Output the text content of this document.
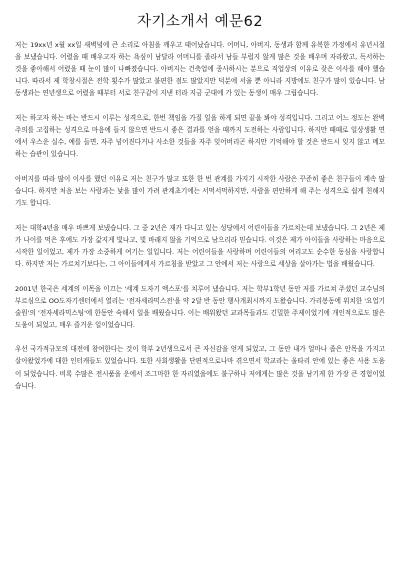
자기소개서 예문62

저는 19xx년 x월 xx일 새벽녘에 큰 소리로 아침을 깨우고 태어났습니다. 어머니, 아버지, 동생과 함께 유복한 가정에서 유년시절을 보냈습니다. 어렸을 때 배우고자 하는 욕심이 남달라 어머니를 졸라서 남들 부럽지 않게 많은 것을 배우며 자라왔고, 독서하는 것을 좋아해서 어렸을 때 눈이 많이 나빠졌습니다. 아버지는 건축업에 종사하시는 분으로 직업상의 이유로 잦은 이사를 해야 했습니다. 따라서 제 학창시절은 전학 횟수가 많았고 불편한 점도 많았지만 덕분에 서울 뿐 아니라 지방에도 친구가 많이 있습니다. 남동생과는 연년생으로 어렸을 때부터 서로 친구같이 지낸 터라 지금 군대에 가 있는 동생이 매우 그립습니다.

저는 하고자 하는 바는 반드시 이루는 성격으로, 한번 책임을 가질 일을 하게 되면 끝을 봐야 성격입니다. 그리고 어느 정도는 완벽주의를 고집하는 성격으로 마음에 들지 않으면 반드시 좋은 결과를 얻을 때까지 도전하는 사람입니다. 하지만 때때로 일상생활 면에서 우스운 실수, 예를 들면, 자주 넘어진다거나 사소한 것들을 자주 잊어버리곤 하지만 기억해야 할 것은 반드시 잊지 않고 메모하는 습관이 있습니다.

아버지를 따라 많이 이사를 했던 이유로 저는 친구가 많고 또한 한 번 관계를 가지기 시작한 사람은 꾸준히 좋은 친구들이 계속 많습니다. 하지만 처음 보는 사람과는 낯을 많이 가려 관계초기에는 서먹서먹하지만, 사람을 편안하게 해 주는 성격으로 쉽게 친해지기도 합니다.

저는 대학4년을 매우 바쁘게 보냈습니다. 그 중 2년은 재가 다니고 있는 성당에서 어린이들을 가르치는데 보냈습니다. 그 2년은 제가 나이를 먹은 후에도 가장 값지게 빛나고, 빛 바래지 않을 기억으로 남으리라 믿습니다. 이것은 제가 아이들을 사랑하는 마음으로 시작한 일이었고, 제가 가장 소중하게 여기는 일입니다. 저는 어린이들을 사랑하며 어린이들의 여리고도 순수한 동심을 사랑합니다. 하지만 저는 가르치기보다는, 그 아이들에게서 가르침을 받았고 그 안에서 저는 사랑으로 세상을 살아가는 법을 배웠습니다.

2001년 한국은 세계의 이목을 이끄는 '세계 도자기 엑스포'를 치루어 냈습니다. 저는 학부1학년 동안 저를 가르쳐 주셨던 교수님의 부르심으로 OO도자기센터에서 열리는 '전자세라믹스전'을 약 2달 반 동안 행사개최시까지 도왔습니다. 가리봉동에 위치한 '요업기술원'의 '전자세라믹스팀'에 한동안 숙해서 일을 배웠습니다. 이는 배워왔던 교과목들과도 긴밀한 주제이었기에 개인적으로도 많은 도움이 되었고, 매우 즐거운 일이었습니다.

우선 국가적규모의 대전에 참여한다는 것이 학부 2년생으로서 큰 자신감을 얻게 되었고, 그 동안 내가 얼마나 좁은 안목을 가지고 살아왔었가에 대한 인터캐들도 있었습니다. 또한 사회생활을 단편적으로나마 겪으면서 학교라는 울타리 안에 있는 좋은 사용 도움이 되었습니다. 비록 수많은 전시품을 운에서 조그마한 한 자리였을에도 불구하나 저에게는 많은 것을 남기게 한 가장 큰 경험이었습니다.
